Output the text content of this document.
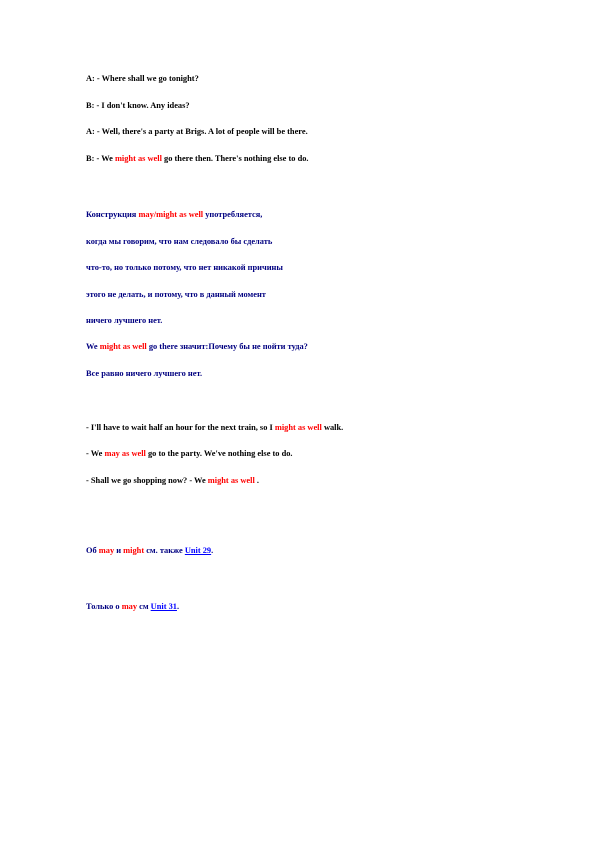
A: - Where shall we go tonight?
B: - I don't know. Any ideas?
A: - Well, there's a party at Brigs. A lot of people will be there.
B: - We might as well go there then. There's nothing else to do.
Конструкция may/might as well употребляется,
когда мы говорим, что нам следовало бы сделать
что-то, но только потому, что нет никакой причины
этого не делать, и потому, что в данный момент
ничего лучшего нет.
We might as well go there значит:Почему бы не пойти туда?
Все равно ничего лучшего нет.
- I'll have to wait half an hour for the next train, so I might as well walk.
- We may as well go to the party. We've nothing else to do.
- Shall we go shopping now? - We might as well .
Об may и might см. также Unit 29.
Только о may см Unit 31.
